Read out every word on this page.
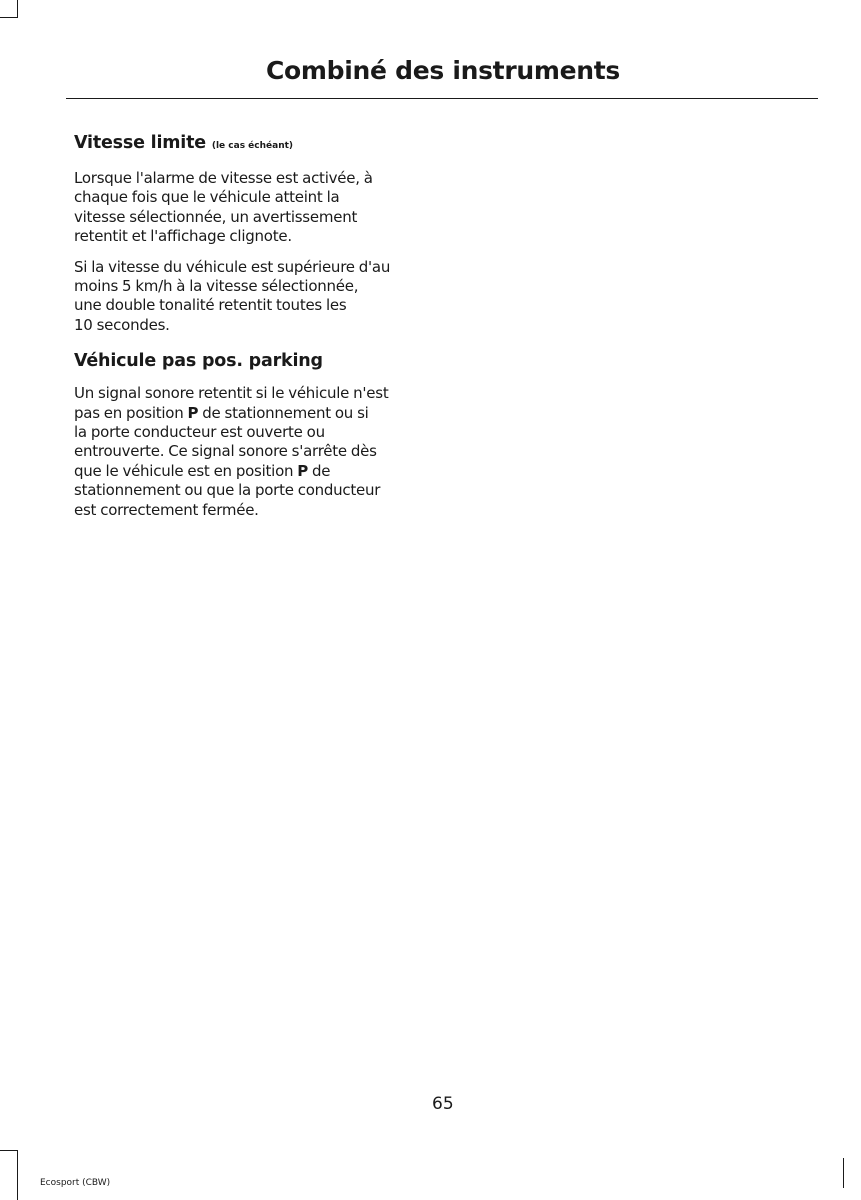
Combiné des instruments
Vitesse limite (le cas échéant)

Lorsque l'alarme de vitesse est activée, à
chaque fois que le véhicule atteint la
vitesse sélectionnée, un avertissement
retentit et l'affichage clignote.

Si la vitesse du véhicule est supérieure d'au
moins 5 km/h à la vitesse sélectionnée,
une double tonalité retentit toutes les
10 secondes.

Véhicule pas pos. parking

Un signal sonore retentit si le véhicule n'est
pas en position P de stationnement ou si
la porte conducteur est ouverte ou
entrouverte. Ce signal sonore s'arrête dès
que le véhicule est en position P de
stationnement ou que la porte conducteur
est correctement fermée.

65
Ecosport (CBW)
